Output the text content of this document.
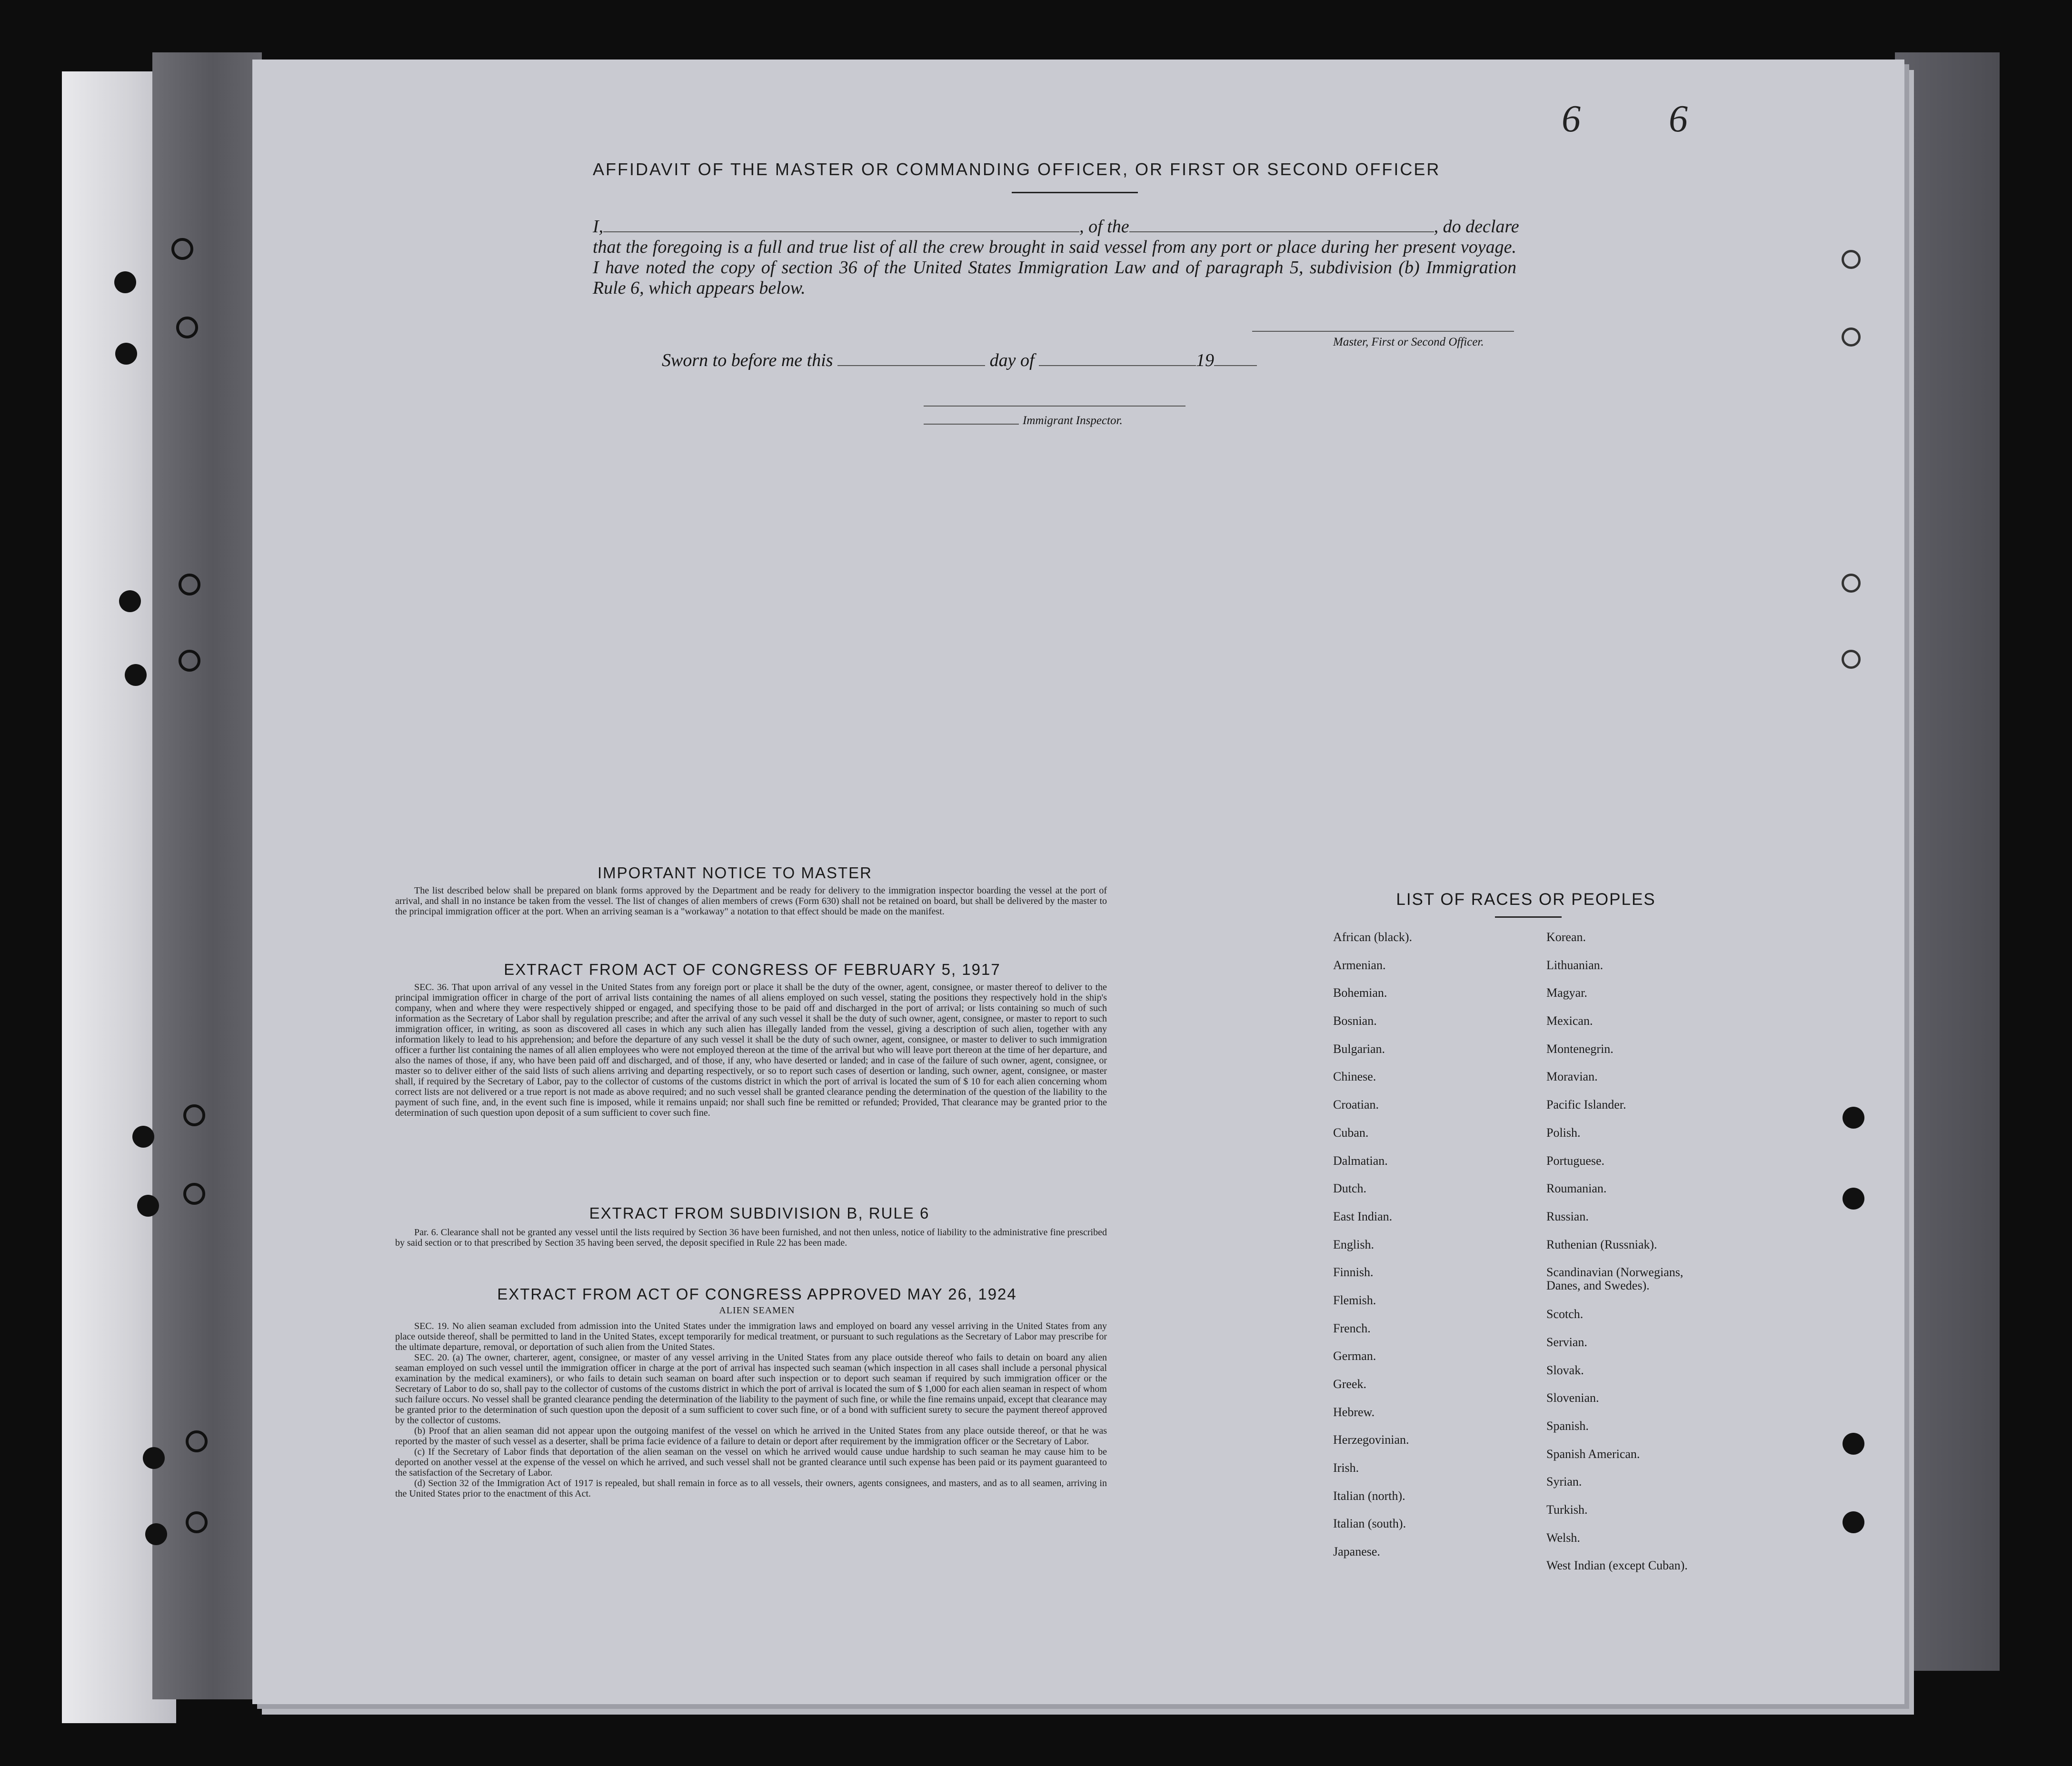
6 6
AFFIDAVIT OF THE MASTER OR COMMANDING OFFICER, OR FIRST OR SECOND OFFICER
I,	, of the	, do declare
that the foregoing is a full and true list of all the crew brought in said vessel from any port or place during her present voyage. I have noted the copy of section 36 of the United States Immigration Law and of paragraph 5, subdivision (b) Immigration Rule 6, which appears below.
Master, First or Second Officer.
Sworn to before me this	day of	19
Immigrant Inspector.
IMPORTANT NOTICE TO MASTER

The list described below shall be prepared on blank forms approved by the Department and be ready for delivery to the immigration inspector boarding the vessel at the port of arrival, and shall in no instance be taken from the vessel. The list of changes of alien members of crews (Form 630) shall not be retained on board, but shall be delivered by the master to the principal immigration officer at the port. When an arriving seaman is a "workaway" a notation to that effect should be made on the manifest.

EXTRACT FROM ACT OF CONGRESS OF FEBRUARY 5, 1917

SEC. 36. That upon arrival of any vessel in the United States from any foreign port or place it shall be the duty of the owner, agent, consignee, or master thereof to deliver to the principal immigration officer in charge of the port of arrival lists containing the names of all aliens employed on such vessel, stating the positions they respectively hold in the ship's company, when and where they were respectively shipped or engaged, and specifying those to be paid off and discharged in the port of arrival; or lists containing so much of such information as the Secretary of Labor shall by regulation prescribe; and after the arrival of any such vessel it shall be the duty of such owner, agent, consignee, or master to report to such immigration officer, in writing, as soon as discovered all cases in which any such alien has illegally landed from the vessel, giving a description of such alien, together with any information likely to lead to his apprehension; and before the departure of any such vessel it shall be the duty of such owner, agent, consignee, or master to deliver to such immigration officer a further list containing the names of all alien employees who were not employed thereon at the time of the arrival but who will leave port thereon at the time of her departure, and also the names of those, if any, who have been paid off and discharged, and of those, if any, who have deserted or landed; and in case of the failure of such owner, agent, consignee, or master so to deliver either of the said lists of such aliens arriving and departing respectively, or so to report such cases of desertion or landing, such owner, agent, consignee, or master shall, if required by the Secretary of Labor, pay to the collector of customs of the customs district in which the port of arrival is located the sum of $ 10 for each alien concerning whom correct lists are not delivered or a true report is not made as above required; and no such vessel shall be granted clearance pending the determination of the question of the liability to the payment of such fine, and, in the event such fine is imposed, while it remains unpaid; nor shall such fine be remitted or refunded; Provided, That clearance may be granted prior to the determination of such question upon deposit of a sum sufficient to cover such fine.

EXTRACT FROM SUBDIVISION B, RULE 6

Par. 6. Clearance shall not be granted any vessel until the lists required by Section 36 have been furnished, and not then unless, notice of liability to the administrative fine prescribed by said section or to that prescribed by Section 35 having been served, the deposit specified in Rule 22 has been made.

EXTRACT FROM ACT OF CONGRESS APPROVED MAY 26, 1924
ALIEN SEAMEN

SEC. 19. No alien seaman excluded from admission into the United States under the immigration laws and employed on board any vessel arriving in the United States from any place outside thereof, shall be permitted to land in the United States, except temporarily for medical treatment, or pursuant to such regulations as the Secretary of Labor may prescribe for the ultimate departure, removal, or deportation of such alien from the United States.

SEC. 20. (a) The owner, charterer, agent, consignee, or master of any vessel arriving in the United States from any place outside thereof who fails to detain on board any alien seaman employed on such vessel until the immigration officer in charge at the port of arrival has inspected such seaman (which inspection in all cases shall include a personal physical examination by the medical examiners), or who fails to detain such seaman on board after such inspection or to deport such seaman if required by such immigration officer or the Secretary of Labor to do so, shall pay to the collector of customs of the customs district in which the port of arrival is located the sum of $ 1,000 for each alien seaman in respect of whom such failure occurs. No vessel shall be granted clearance pending the determination of the liability to the payment of such fine, or while the fine remains unpaid, except that clearance may be granted prior to the determination of such question upon the deposit of a sum sufficient to cover such fine, or of a bond with sufficient surety to secure the payment thereof approved by the collector of customs.

(b) Proof that an alien seaman did not appear upon the outgoing manifest of the vessel on which he arrived in the United States from any place outside thereof, or that he was reported by the master of such vessel as a deserter, shall be prima facie evidence of a failure to detain or deport after requirement by the immigration officer or the Secretary of Labor.

(c) If the Secretary of Labor finds that deportation of the alien seaman on the vessel on which he arrived would cause undue hardship to such seaman he may cause him to be deported on another vessel at the expense of the vessel on which he arrived, and such vessel shall not be granted clearance until such expense has been paid or its payment guaranteed to the satisfaction of the Secretary of Labor.

(d) Section 32 of the Immigration Act of 1917 is repealed, but shall remain in force as to all vessels, their owners, agents consignees, and masters, and as to all seamen, arriving in the United States prior to the enactment of this Act.

LIST OF RACES OR PEOPLES
African (black).
Armenian.
Bohemian.
Bosnian.
Bulgarian.
Chinese.
Croatian.
Cuban.
Dalmatian.
Dutch.
East Indian.
English.
Finnish.
Flemish.
French.
German.
Greek.
Hebrew.
Herzegovinian.
Irish.
Italian (north).
Italian (south).
Japanese.
Korean.
Lithuanian.
Magyar.
Mexican.
Montenegrin.
Moravian.
Pacific Islander.
Polish.
Portuguese.
Roumanian.
Russian.
Ruthenian (Russniak).
Scandinavian (Norwegians, Danes, and Swedes).
Scotch.
Servian.
Slovak.
Slovenian.
Spanish.
Spanish American.
Syrian.
Turkish.
Welsh.
West Indian (except Cuban).
